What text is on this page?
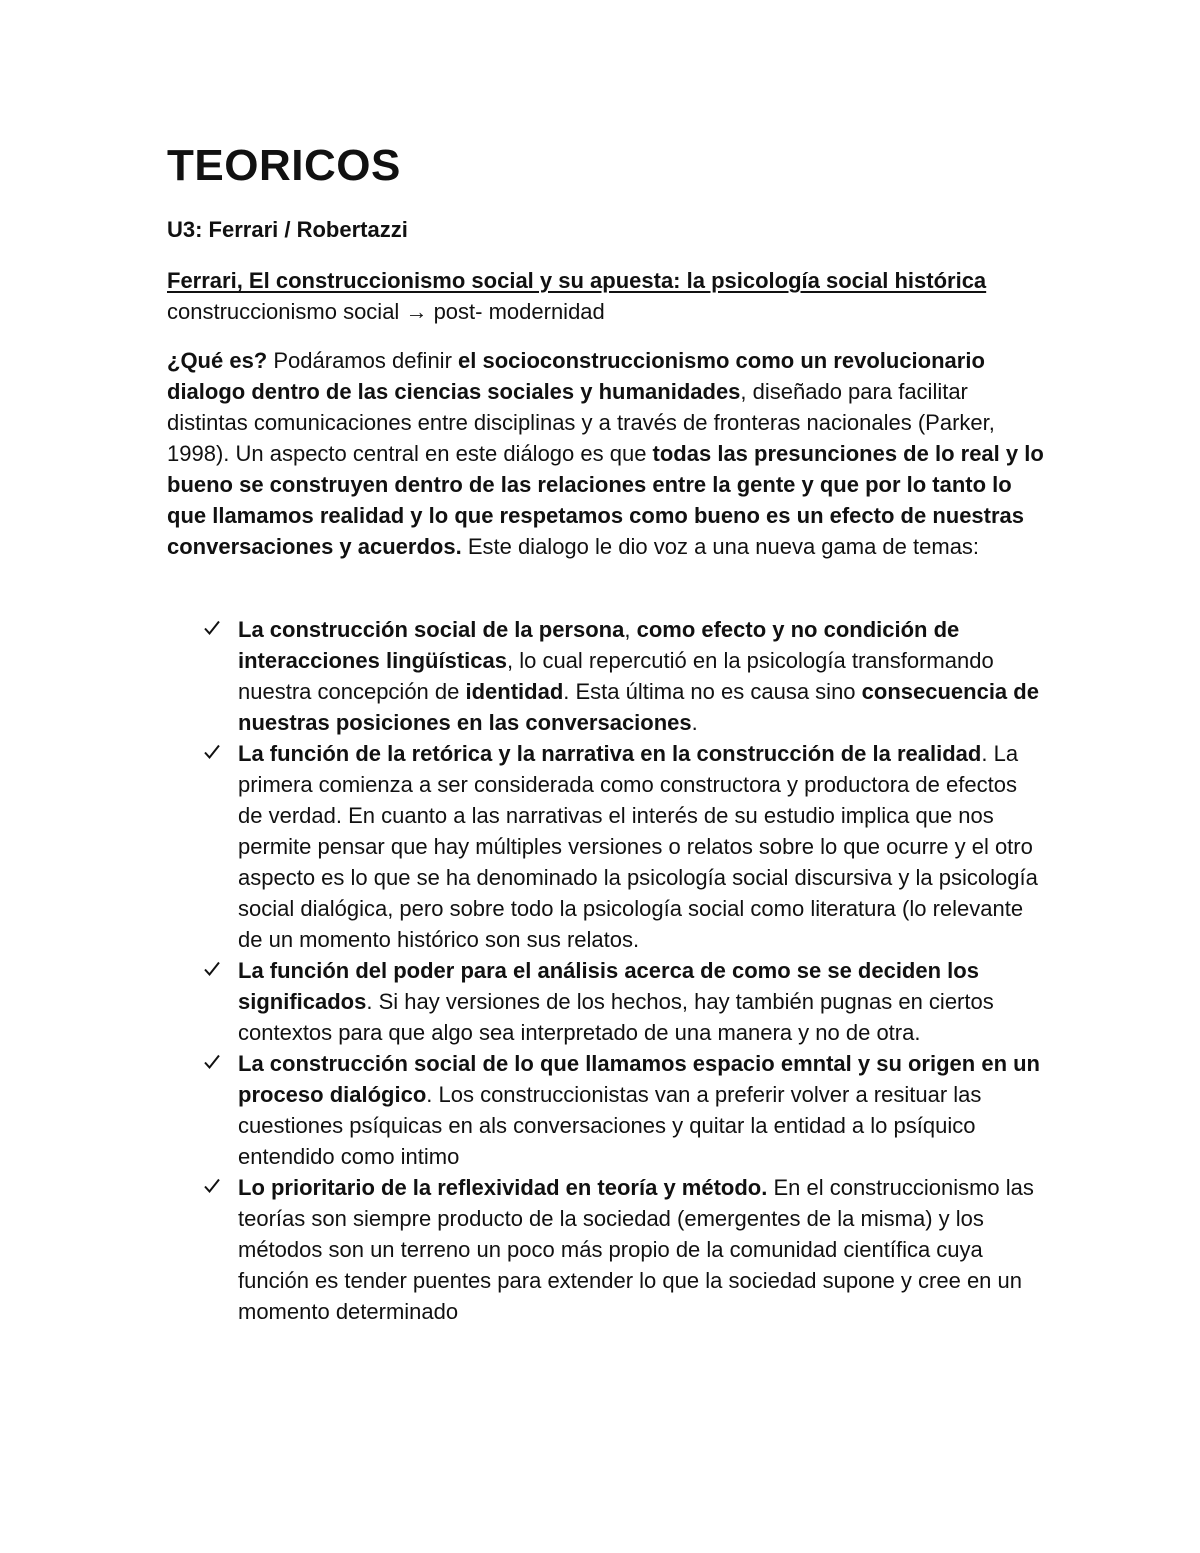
TEORICOS

U3: Ferrari / Robertazzi

Ferrari, El construccionismo social y su apuesta: la psicología social histórica  construccionismo social → post- modernidad

¿Qué es? Podáramos definir el socioconstruccionismo como un revolucionario dialogo dentro de las ciencias sociales y humanidades, diseñado para facilitar distintas comunicaciones entre disciplinas y a través de fronteras nacionales (Parker, 1998). Un aspecto central en este diálogo es que todas las presunciones de lo real y lo bueno se construyen dentro de las relaciones entre la gente y que por lo tanto lo que llamamos realidad y lo que respetamos como bueno es un efecto de nuestras conversaciones y acuerdos. Este dialogo le dio voz a una nueva gama de temas:

La construcción social de la persona, como efecto y no condición de interacciones lingüísticas, lo cual repercutió en la psicología transformando nuestra concepción de identidad. Esta última no es causa sino consecuencia de nuestras posiciones en las conversaciones.
La función de la retórica y la narrativa en la construcción de la realidad. La primera comienza a ser considerada como constructora y productora de efectos de verdad. En cuanto a las narrativas el interés de su estudio implica que nos permite pensar que hay múltiples versiones o relatos sobre lo que ocurre y el otro aspecto es lo que se ha denominado la psicología social discursiva y la psicología social dialógica, pero sobre todo la psicología social como literatura (lo relevante de un momento histórico son sus relatos.
La función del poder para el análisis acerca de como se se deciden los significados. Si hay versiones de los hechos, hay también pugnas en ciertos contextos para que algo sea interpretado de una manera y no de otra.
La construcción social de lo que llamamos espacio emntal y su origen en un proceso dialógico. Los construccionistas van a preferir volver a resituar las cuestiones psíquicas en als conversaciones y quitar la entidad a lo psíquico entendido como intimo
Lo prioritario de la reflexividad en teoría y método. En el construccionismo las teorías son siempre producto de la sociedad (emergentes de la misma) y los métodos son un terreno un poco más propio de la comunidad científica cuya función es tender puentes para extender lo que la sociedad supone y cree en un momento determinado
